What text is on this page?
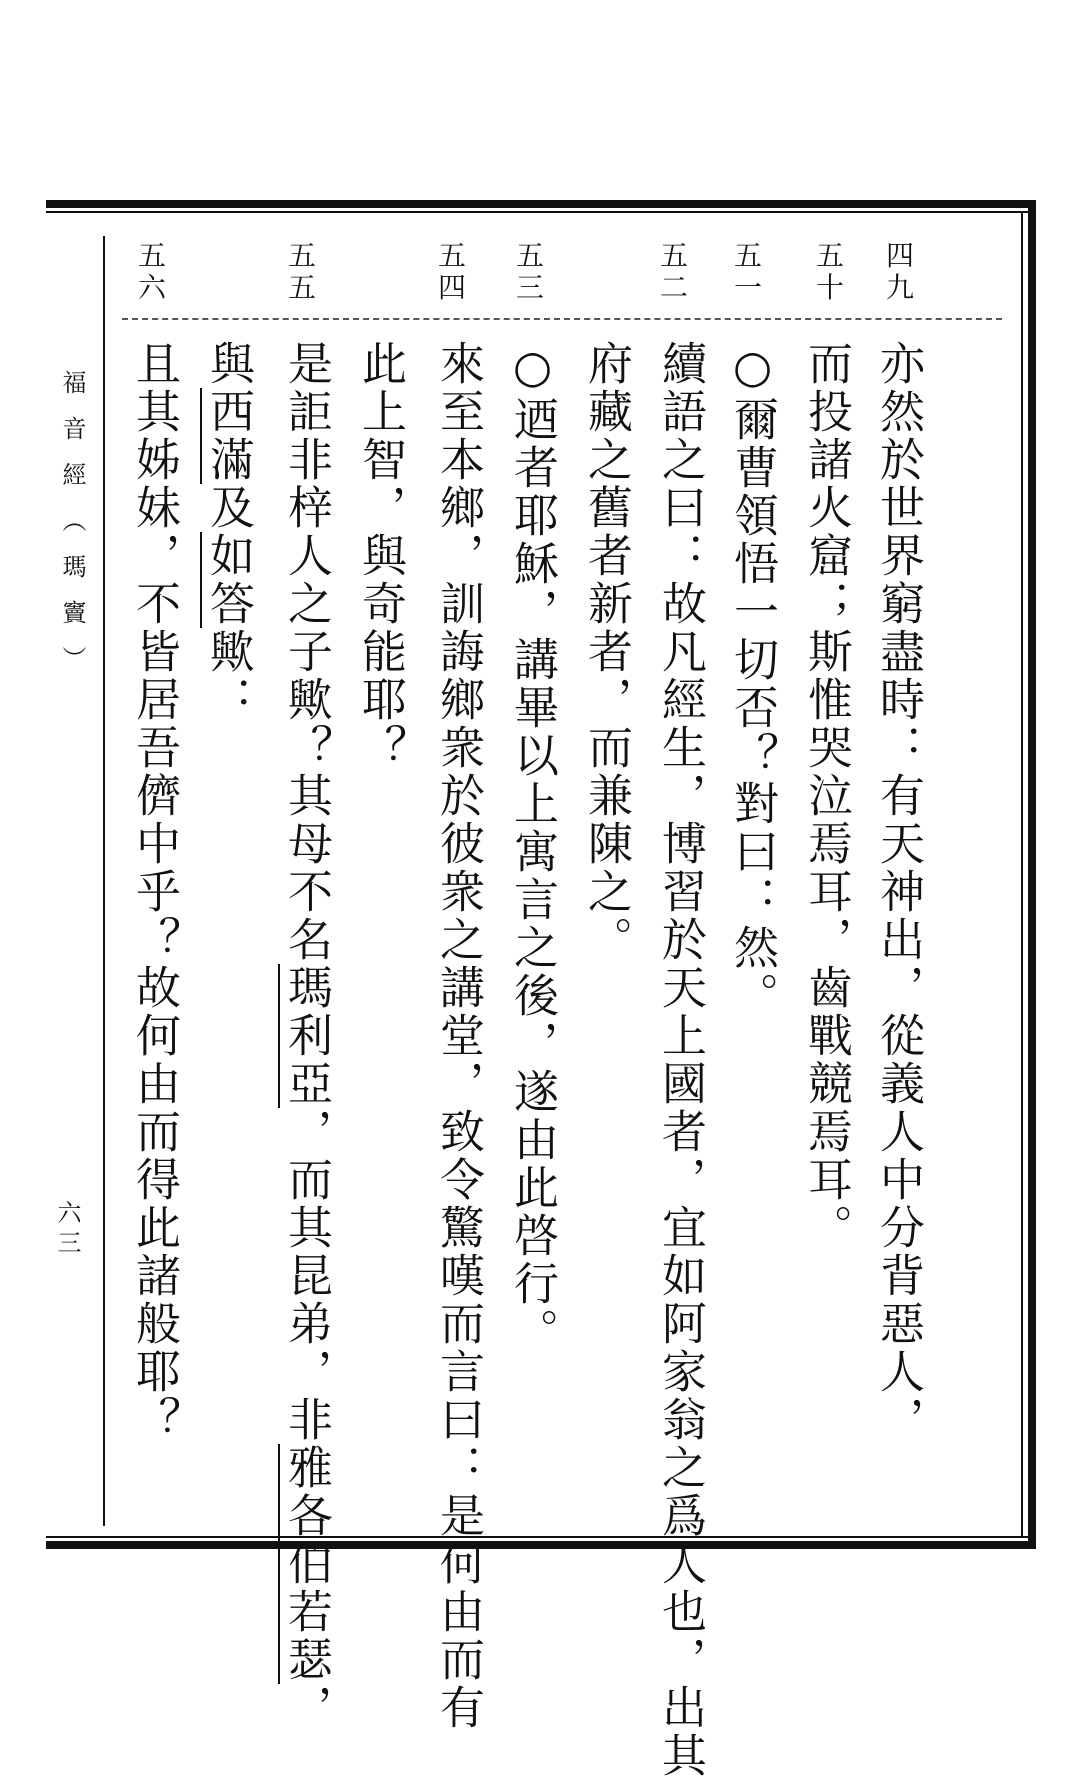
福音經（瑪竇）
六三
四九
五十
五一
五二
五三
五四
五五
五六
亦然於世界窮盡時：有天神出，從義人中分背惡人，
而投諸火窟；斯惟哭泣焉耳，齒戰競焉耳。
○爾曹領悟一切否？對曰：然。
續語之曰：故凡經生，博習於天上國者，宜如阿家翁之爲人也，出其
府藏之舊者新者，而兼陳之。
○迺者耶穌，講畢以上寓言之後，遂由此啓行。
來至本鄉，訓誨鄉衆於彼衆之講堂，致令驚嘆而言曰：是何由而有
此上智，與奇能耶？
是詎非梓人之子歟？其母不名瑪利亞，而其昆弟，非雅各伯若瑟，
與西滿及如答歟：
且其姊妹，不皆居吾儕中乎？故何由而得此諸般耶？
